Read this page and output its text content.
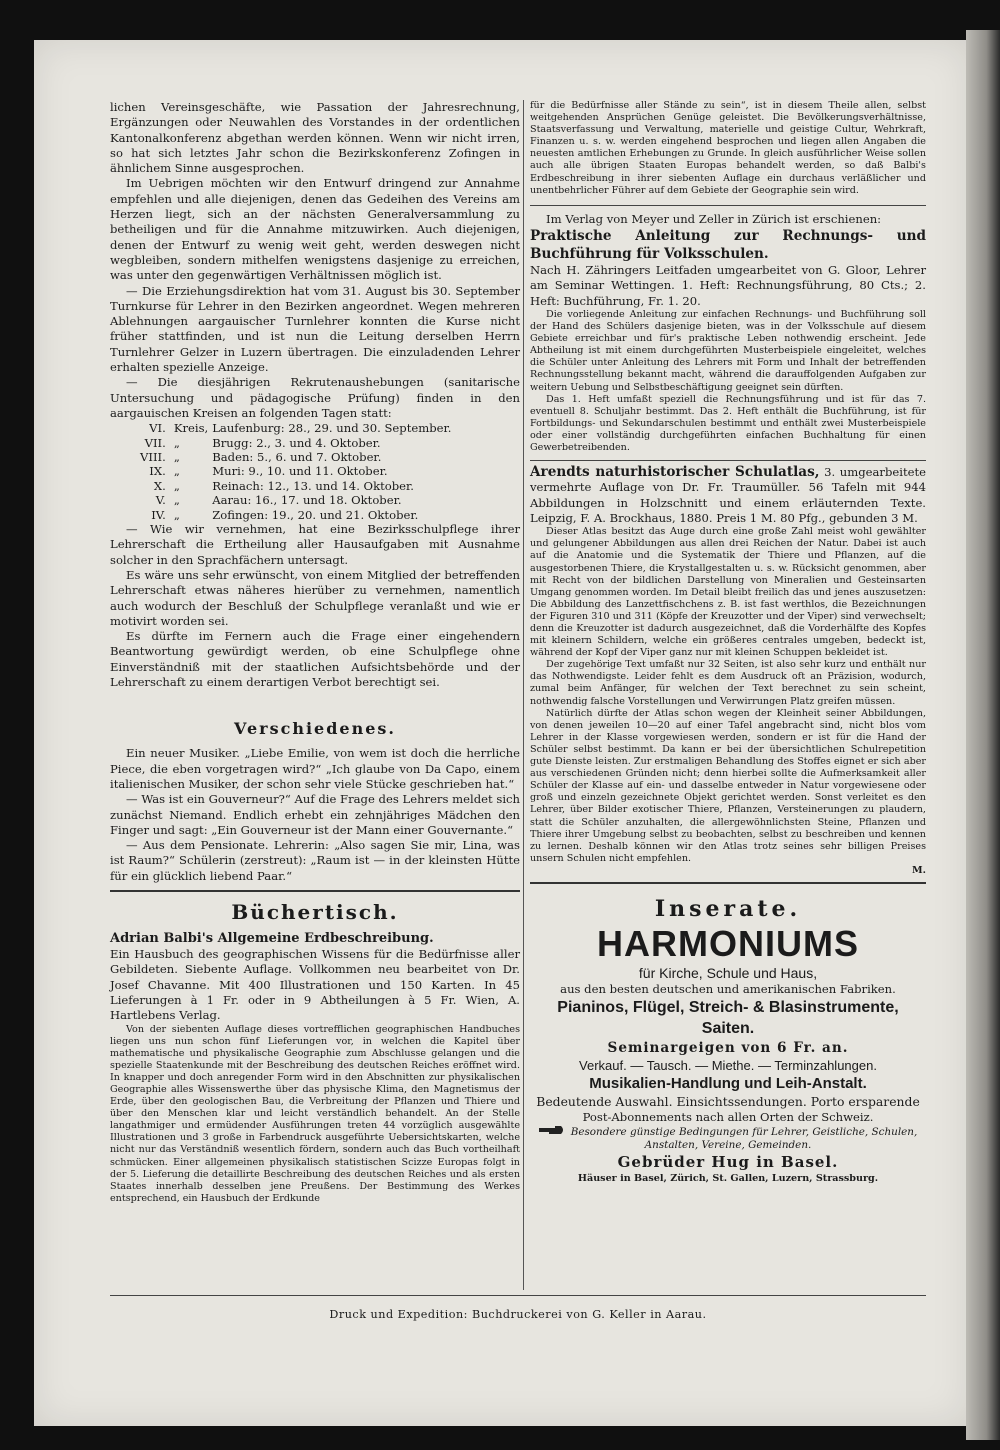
lichen Vereinsgeschäfte, wie Passation der Jahresrechnung, Ergänzungen oder Neuwahlen des Vorstandes in der ordentlichen Kantonalkonferenz abgethan werden können. Wenn wir nicht irren, so hat sich letztes Jahr schon die Bezirkskonferenz Zofingen in ähnlichem Sinne ausgesprochen.

Im Uebrigen möchten wir den Entwurf dringend zur Annahme empfehlen und alle diejenigen, denen das Gedeihen des Vereins am Herzen liegt, sich an der nächsten Generalversammlung zu betheiligen und für die Annahme mitzuwirken. Auch diejenigen, denen der Entwurf zu wenig weit geht, werden deswegen nicht wegbleiben, sondern mithelfen wenigstens dasjenige zu erreichen, was unter den gegenwärtigen Verhältnissen möglich ist.

— Die Erziehungsdirektion hat vom 31. August bis 30. September Turnkurse für Lehrer in den Bezirken angeordnet. Wegen mehreren Ablehnungen aargauischer Turnlehrer konnten die Kurse nicht früher stattfinden, und ist nun die Leitung derselben Herrn Turnlehrer Gelzer in Luzern übertragen. Die einzuladenden Lehrer erhalten spezielle Anzeige.

— Die diesjährigen Rekrutenaushebungen (sanitarische Untersuchung und pädagogische Prüfung) finden in den aargauischen Kreisen an folgenden Tagen statt:

VI.	Kreis,	Laufenburg: 28., 29. und 30. September.
VII.	„	Brugg: 2., 3. und 4. Oktober.
VIII.	„	Baden: 5., 6. und 7. Oktober.
IX.	„	Muri: 9., 10. und 11. Oktober.
X.	„	Reinach: 12., 13. und 14. Oktober.
V.	„	Aarau: 16., 17. und 18. Oktober.
IV.	„	Zofingen: 19., 20. und 21. Oktober.

— Wie wir vernehmen, hat eine Bezirksschulpflege ihrer Lehrerschaft die Ertheilung aller Hausaufgaben mit Ausnahme solcher in den Sprachfächern untersagt.

Es wäre uns sehr erwünscht, von einem Mitglied der betreffenden Lehrerschaft etwas näheres hierüber zu vernehmen, namentlich auch wodurch der Beschluß der Schulpflege veranlaßt und wie er motivirt worden sei.

Es dürfte im Fernern auch die Frage einer eingehendern Beantwortung gewürdigt werden, ob eine Schulpflege ohne Einverständniß mit der staatlichen Aufsichtsbehörde und der Lehrerschaft zu einem derartigen Verbot berechtigt sei.

Verschiedenes.

Ein neuer Musiker. „Liebe Emilie, von wem ist doch die herrliche Piece, die eben vorgetragen wird?“ „Ich glaube von Da Capo, einem italienischen Musiker, der schon sehr viele Stücke geschrieben hat.“

— Was ist ein Gouverneur?“ Auf die Frage des Lehrers meldet sich zunächst Niemand. Endlich erhebt ein zehnjähriges Mädchen den Finger und sagt: „Ein Gouverneur ist der Mann einer Gouvernante.“

— Aus dem Pensionate. Lehrerin: „Also sagen Sie mir, Lina, was ist Raum?“ Schülerin (zerstreut): „Raum ist — in der kleinsten Hütte für ein glücklich liebend Paar.“

Büchertisch.

Adrian Balbi's Allgemeine Erdbeschreibung.

Ein Hausbuch des geographischen Wissens für die Bedürfnisse aller Gebildeten. Siebente Auflage. Vollkommen neu bearbeitet von Dr. Josef Chavanne. Mit 400 Illustrationen und 150 Karten. In 45 Lieferungen à 1 Fr. oder in 9 Abtheilungen à 5 Fr. Wien, A. Hartlebens Verlag.

Von der siebenten Auflage dieses vortrefflichen geographischen Handbuches liegen uns nun schon fünf Lieferungen vor, in welchen die Kapitel über mathematische und physikalische Geographie zum Abschlusse gelangen und die spezielle Staatenkunde mit der Beschreibung des deutschen Reiches eröffnet wird. In knapper und doch anregender Form wird in den Abschnitten zur physikalischen Geographie alles Wissenswerthe über das physische Klima, den Magnetismus der Erde, über den geologischen Bau, die Verbreitung der Pflanzen und Thiere und über den Menschen klar und leicht verständlich behandelt. An der Stelle langathmiger und ermüdender Ausführungen treten 44 vorzüglich ausgewählte Illustrationen und 3 große in Farbendruck ausgeführte Uebersichtskarten, welche nicht nur das Verständniß wesentlich fördern, sondern auch das Buch vortheilhaft schmücken. Einer allgemeinen physikalisch statistischen Scizze Europas folgt in der 5. Lieferung die detaillirte Beschreibung des deutschen Reiches und als ersten Staates innerhalb desselben jene Preußens. Der Bestimmung des Werkes entsprechend, ein Hausbuch der Erdkunde

für die Bedürfnisse aller Stände zu sein“, ist in diesem Theile allen, selbst weitgehenden Ansprüchen Genüge geleistet. Die Bevölkerungsverhältnisse, Staatsverfassung und Verwaltung, materielle und geistige Cultur, Wehrkraft, Finanzen u. s. w. werden eingehend besprochen und liegen allen Angaben die neuesten amtlichen Erhebungen zu Grunde. In gleich ausführlicher Weise sollen auch alle übrigen Staaten Europas behandelt werden, so daß Balbi's Erdbeschreibung in ihrer siebenten Auflage ein durchaus verläßlicher und unentbehrlicher Führer auf dem Gebiete der Geographie sein wird.

Im Verlag von Meyer und Zeller in Zürich ist erschienen:

Praktische Anleitung zur Rechnungs- und Buchführung für Volksschulen.

Nach H. Zähringers Leitfaden umgearbeitet von G. Gloor, Lehrer am Seminar Wettingen. 1. Heft: Rechnungsführung, 80 Cts.; 2. Heft: Buchführung, Fr. 1. 20.

Die vorliegende Anleitung zur einfachen Rechnungs- und Buchführung soll der Hand des Schülers dasjenige bieten, was in der Volksschule auf diesem Gebiete erreichbar und für's praktische Leben nothwendig erscheint. Jede Abtheilung ist mit einem durchgeführten Musterbeispiele eingeleitet, welches die Schüler unter Anleitung des Lehrers mit Form und Inhalt der betreffenden Rechnungsstellung bekannt macht, während die darauffolgenden Aufgaben zur weitern Uebung und Selbstbeschäftigung geeignet sein dürften.

Das 1. Heft umfaßt speziell die Rechnungsführung und ist für das 7. eventuell 8. Schuljahr bestimmt. Das 2. Heft enthält die Buchführung, ist für Fortbildungs- und Sekundarschulen bestimmt und enthält zwei Musterbeispiele oder einer vollständig durchgeführten einfachen Buchhaltung für einen Gewerbetreibenden.

Arendts naturhistorischer Schulatlas, 3. umgearbeitete vermehrte Auflage von Dr. Fr. Traumüller. 56 Tafeln mit 944 Abbildungen in Holzschnitt und einem erläuternden Texte. Leipzig, F. A. Brockhaus, 1880. Preis 1 M. 80 Pfg., gebunden 3 M.

Dieser Atlas besitzt das Auge durch eine große Zahl meist wohl gewählter und gelungener Abbildungen aus allen drei Reichen der Natur. Dabei ist auch auf die Anatomie und die Systematik der Thiere und Pflanzen, auf die ausgestorbenen Thiere, die Krystallgestalten u. s. w. Rücksicht genommen, aber mit Recht von der bildlichen Darstellung von Mineralien und Gesteinsarten Umgang genommen worden. Im Detail bleibt freilich das und jenes auszusetzen: Die Abbildung des Lanzettfischchens z. B. ist fast werthlos, die Bezeichnungen der Figuren 310 und 311 (Köpfe der Kreuzotter und der Viper) sind verwechselt; denn die Kreuzotter ist dadurch ausgezeichnet, daß die Vorderhälfte des Kopfes mit kleinern Schildern, welche ein größeres centrales umgeben, bedeckt ist, während der Kopf der Viper ganz nur mit kleinen Schuppen bekleidet ist.

Der zugehörige Text umfaßt nur 32 Seiten, ist also sehr kurz und enthält nur das Nothwendigste. Leider fehlt es dem Ausdruck oft an Präzision, wodurch, zumal beim Anfänger, für welchen der Text berechnet zu sein scheint, nothwendig falsche Vorstellungen und Verwirrungen Platz greifen müssen.

Natürlich dürfte der Atlas schon wegen der Kleinheit seiner Abbildungen, von denen jeweilen 10—20 auf einer Tafel angebracht sind, nicht blos vom Lehrer in der Klasse vorgewiesen werden, sondern er ist für die Hand der Schüler selbst bestimmt. Da kann er bei der übersichtlichen Schulrepetition gute Dienste leisten. Zur erstmaligen Behandlung des Stoffes eignet er sich aber aus verschiedenen Gründen nicht; denn hierbei sollte die Aufmerksamkeit aller Schüler der Klasse auf ein- und dasselbe entweder in Natur vorgewiesene oder groß und einzeln gezeichnete Objekt gerichtet werden. Sonst verleitet es den Lehrer, über Bilder exotischer Thiere, Pflanzen, Versteinerungen zu plaudern, statt die Schüler anzuhalten, die allergewöhnlichsten Steine, Pflanzen und Thiere ihrer Umgebung selbst zu beobachten, selbst zu beschreiben und kennen zu lernen. Deshalb können wir den Atlas trotz seines sehr billigen Preises unsern Schulen nicht empfehlen.

M.
Inserate.
HARMONIUMS
für Kirche, Schule und Haus,
aus den besten deutschen und amerikanischen Fabriken.
Pianinos, Flügel, Streich- & Blasinstrumente, Saiten.
Seminargeigen von 6 Fr. an.
Verkauf. — Tausch. — Miethe. — Terminzahlungen.
Musikalien-Handlung und Leih-Anstalt.
Bedeutende Auswahl. Einsichtssendungen. Porto ersparende
Post-Abonnements nach allen Orten der Schweiz.
Besondere günstige Bedingungen für Lehrer, Geistliche, Schulen, Anstalten, Vereine, Gemeinden.
Gebrüder Hug in Basel.
Häuser in Basel, Zürich, St. Gallen, Luzern, Strassburg.
Druck und Expedition: Buchdruckerei von G. Keller in Aarau.
